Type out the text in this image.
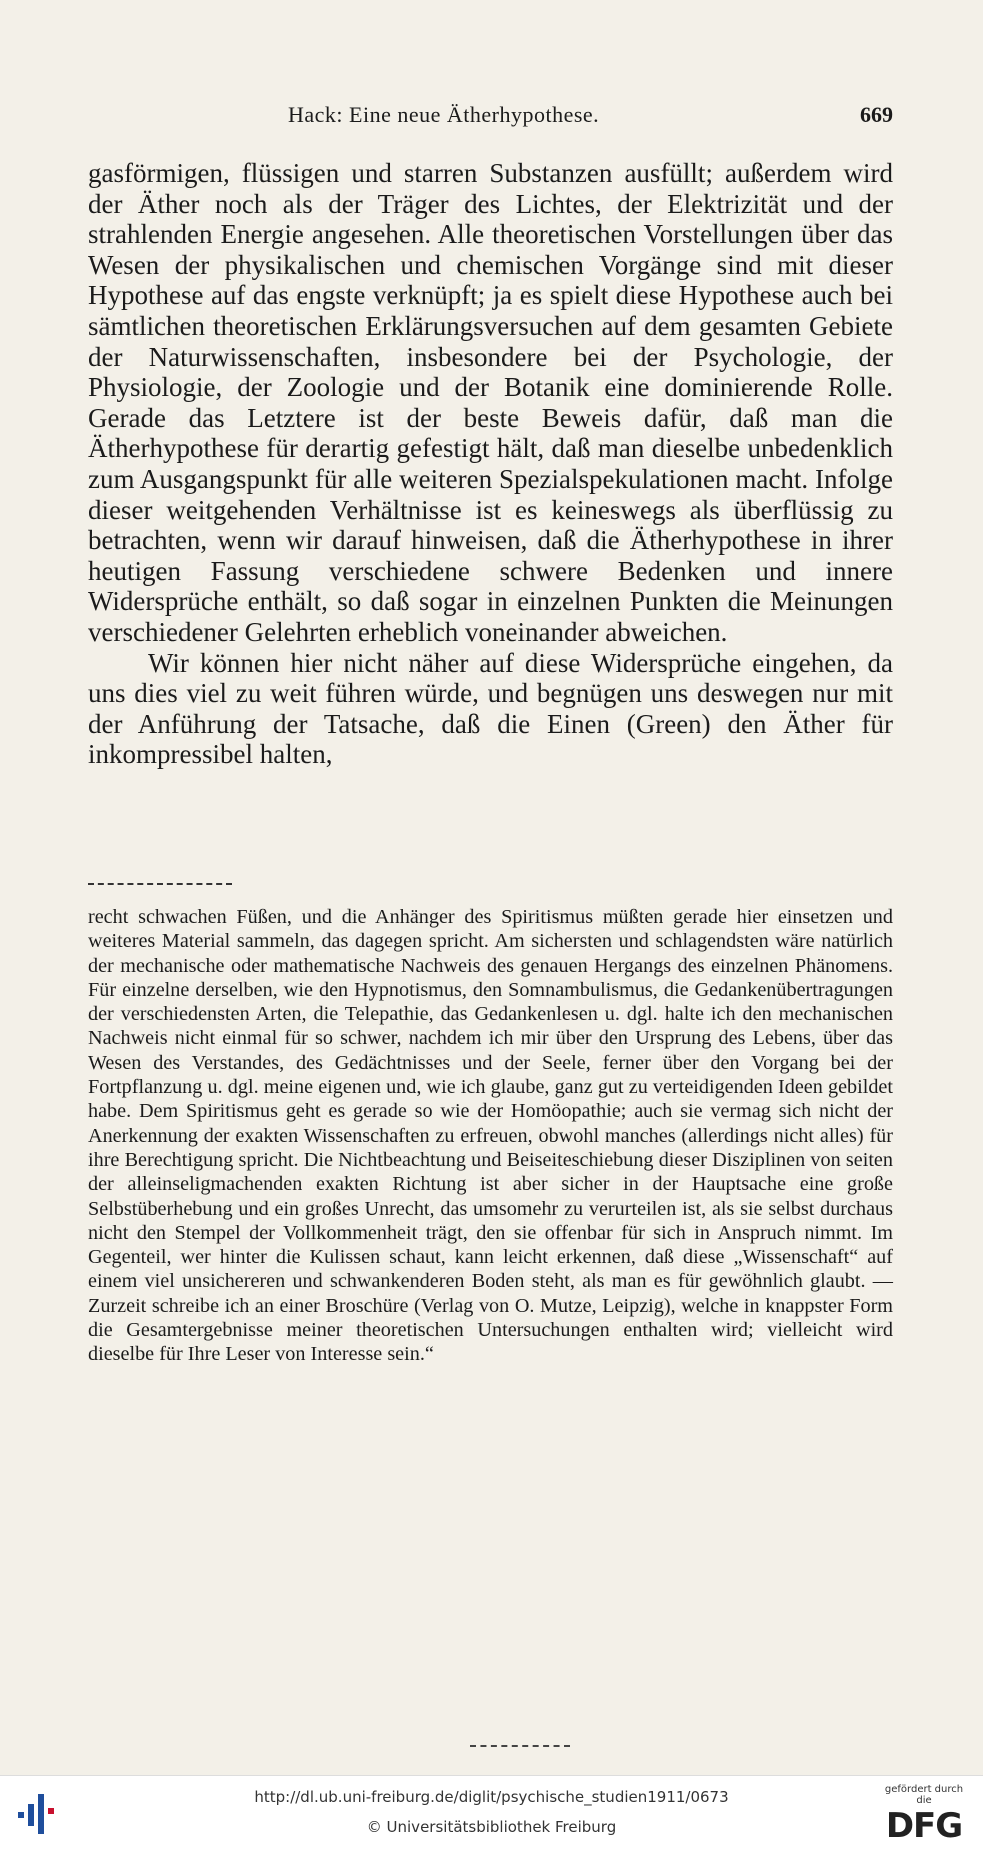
Hack: Eine neue Ätherhypothese.	669

gasförmigen, flüssigen und starren Substanzen ausfüllt; außerdem wird der Äther noch als der Träger des Lichtes, der Elektrizität und der strahlenden Energie angesehen. Alle theoretischen Vorstellungen über das Wesen der physikalischen und chemischen Vorgänge sind mit dieser Hypothese auf das engste verknüpft; ja es spielt diese Hypothese auch bei sämtlichen theoretischen Erklärungsversuchen auf dem gesamten Gebiete der Naturwissenschaften, insbesondere bei der Psychologie, der Physiologie, der Zoologie und der Botanik eine dominierende Rolle. Gerade das Letztere ist der beste Beweis dafür, daß man die Ätherhypothese für derartig gefestigt hält, daß man dieselbe unbedenklich zum Ausgangspunkt für alle weiteren Spezialspekulationen macht. Infolge dieser weitgehenden Verhältnisse ist es keineswegs als überflüssig zu betrachten, wenn wir darauf hinweisen, daß die Ätherhypothese in ihrer heutigen Fassung verschiedene schwere Bedenken und innere Widersprüche enthält, so daß sogar in einzelnen Punkten die Meinungen verschiedener Gelehrten erheblich voneinander abweichen.

Wir können hier nicht näher auf diese Widersprüche eingehen, da uns dies viel zu weit führen würde, und begnügen uns deswegen nur mit der Anführung der Tatsache, daß die Einen (Green) den Äther für inkompressibel halten,

recht schwachen Füßen, und die Anhänger des Spiritismus müßten gerade hier einsetzen und weiteres Material sammeln, das dagegen spricht. Am sichersten und schlagendsten wäre natürlich der mechanische oder mathematische Nachweis des genauen Hergangs des einzelnen Phänomens. Für einzelne derselben, wie den Hypnotismus, den Somnambulismus, die Gedankenübertragungen der verschiedensten Arten, die Telepathie, das Gedankenlesen u. dgl. halte ich den mechanischen Nachweis nicht einmal für so schwer, nachdem ich mir über den Ursprung des Lebens, über das Wesen des Verstandes, des Gedächtnisses und der Seele, ferner über den Vorgang bei der Fortpflanzung u. dgl. meine eigenen und, wie ich glaube, ganz gut zu verteidigenden Ideen gebildet habe. Dem Spiritismus geht es gerade so wie der Homöopathie; auch sie vermag sich nicht der Anerkennung der exakten Wissenschaften zu erfreuen, obwohl manches (allerdings nicht alles) für ihre Berechtigung spricht. Die Nichtbeachtung und Beiseiteschiebung dieser Disziplinen von seiten der alleinseligmachenden exakten Richtung ist aber sicher in der Hauptsache eine große Selbstüberhebung und ein großes Unrecht, das umsomehr zu verurteilen ist, als sie selbst durchaus nicht den Stempel der Vollkommenheit trägt, den sie offenbar für sich in Anspruch nimmt. Im Gegenteil, wer hinter die Kulissen schaut, kann leicht erkennen, daß diese „Wissenschaft“ auf einem viel unsichereren und schwankenderen Boden steht, als man es für gewöhnlich glaubt. — Zurzeit schreibe ich an einer Broschüre (Verlag von O. Mutze, Leipzig), welche in knappster Form die Gesamtergebnisse meiner theoretischen Untersuchungen enthalten wird; vielleicht wird dieselbe für Ihre Leser von Interesse sein.“

http://dl.ub.uni-freiburg.de/diglit/psychische_studien1911/0673
© Universitätsbibliothek Freiburg
gefördert durch die
DFG
